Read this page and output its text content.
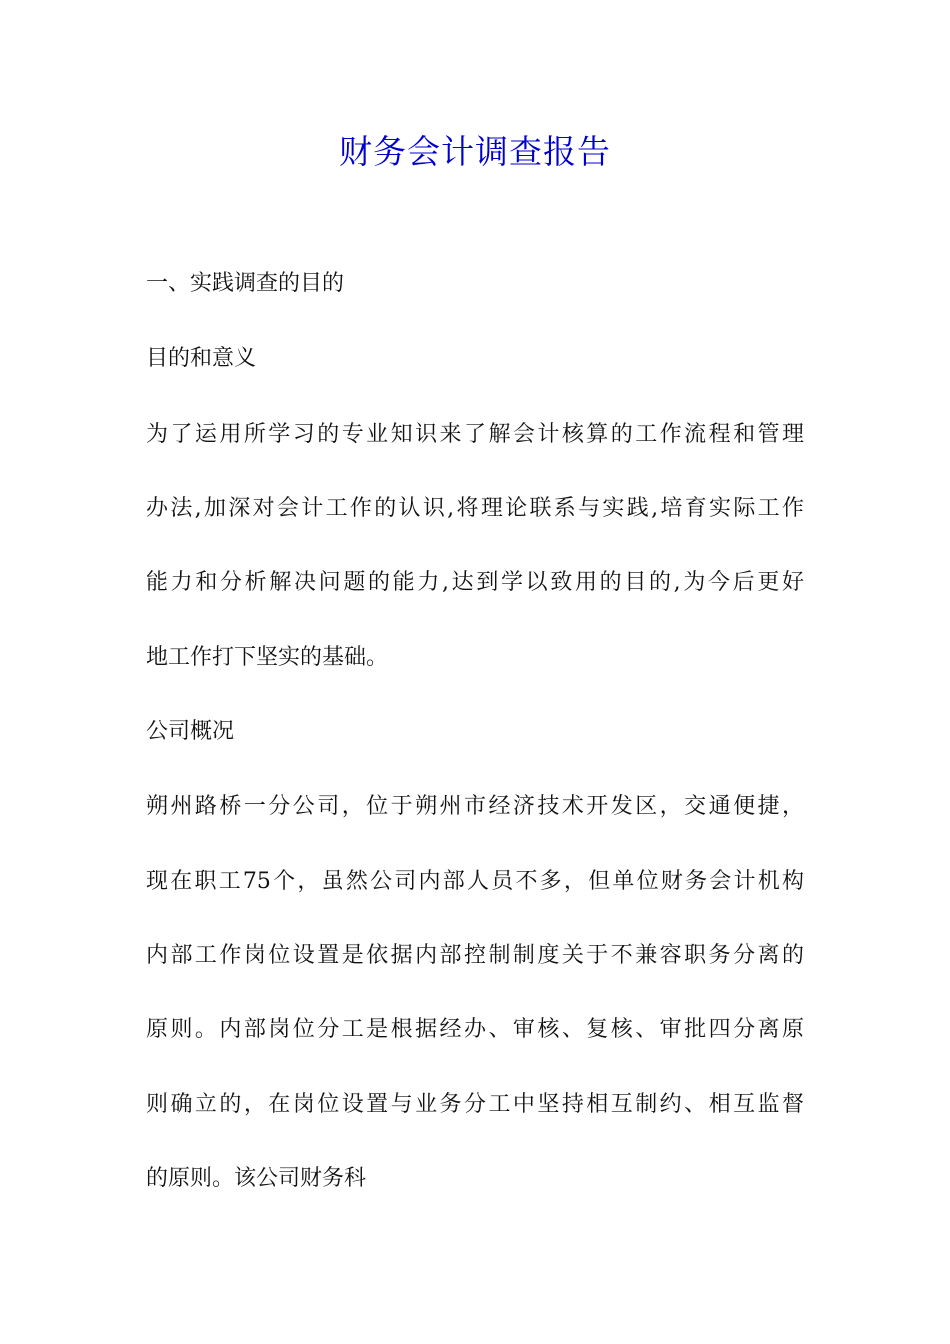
财务会计调查报告
一、实践调查的目的
目的和意义
为了运用所学习的专业知识来了解会计核算的工作流程和管理
办法,加深对会计工作的认识,将理论联系与实践,培育实际工作
能力和分析解决问题的能力,达到学以致用的目的,为今后更好
地工作打下坚实的基础。
公司概况
朔州路桥一分公司，位于朔州市经济技术开发区，交通便捷，
现在职工75个，虽然公司内部人员不多，但单位财务会计机构
内部工作岗位设置是依据内部控制制度关于不兼容职务分离的
原则。内部岗位分工是根据经办、审核、复核、审批四分离原
则确立的，在岗位设置与业务分工中坚持相互制约、相互监督
的原则。该公司财务科
